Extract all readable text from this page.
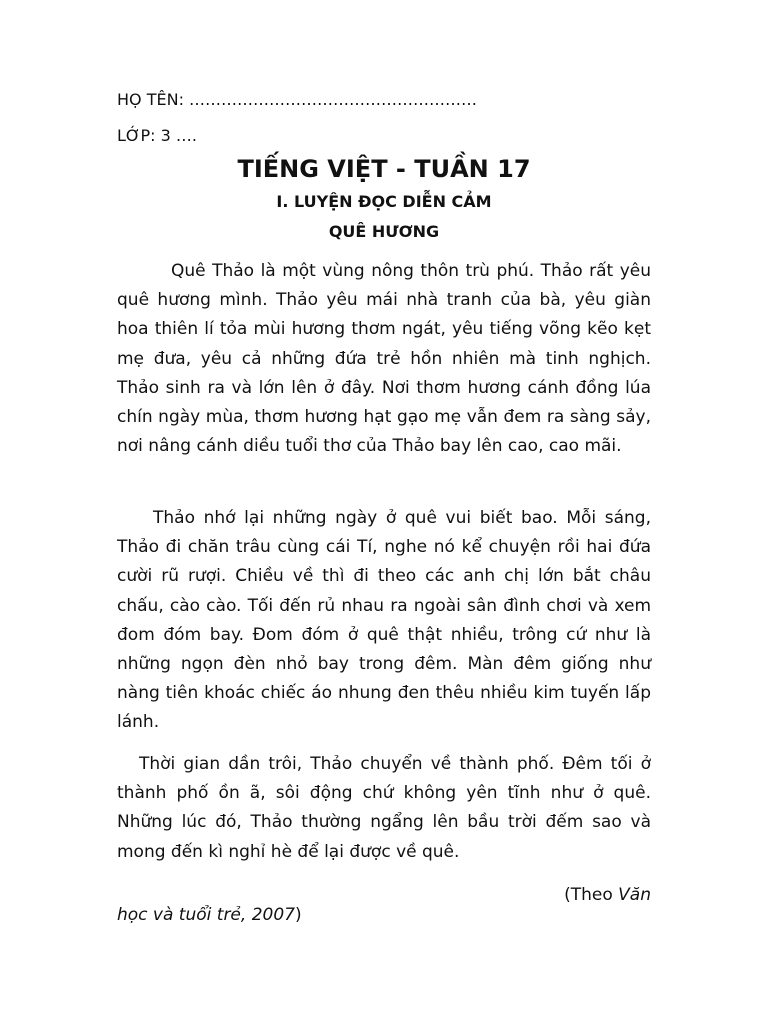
HỌ TÊN: ………………………………………………
LỚP: 3 ….
TIẾNG VIỆT - TUẦN 17
I. LUYỆN ĐỌC DIỄN CẢM
QUÊ HƯƠNG

Quê Thảo là một vùng nông thôn trù phú. Thảo rất yêu quê hương mình. Thảo yêu mái nhà tranh của bà, yêu giàn hoa thiên lí tỏa mùi hương thơm ngát, yêu tiếng võng kẽo kẹt mẹ đưa, yêu cả những đứa trẻ hồn nhiên mà tinh nghịch. Thảo sinh ra và lớn lên ở đây. Nơi thơm hương cánh đồng lúa chín ngày mùa, thơm hương hạt gạo mẹ vẫn đem ra sàng sảy, nơi nâng cánh diều tuổi thơ của Thảo bay lên cao, cao mãi.

Thảo nhớ lại những ngày ở quê vui biết bao. Mỗi sáng, Thảo đi chăn trâu cùng cái Tí, nghe nó kể chuyện rồi hai đứa cười rũ rượi. Chiều về thì đi theo các anh chị lớn bắt châu chấu, cào cào. Tối đến rủ nhau ra ngoài sân đình chơi và xem đom đóm bay. Đom đóm ở quê thật nhiều, trông cứ như là những ngọn đèn nhỏ bay trong đêm. Màn đêm giống như nàng tiên khoác chiếc áo nhung đen thêu nhiều kim tuyến lấp lánh.

Thời gian dần trôi, Thảo chuyển về thành phố. Đêm tối ở thành phố ồn ã, sôi động chứ không yên tĩnh như ở quê. Những lúc đó, Thảo thường ngẩng lên bầu trời đếm sao và mong đến kì nghỉ hè để lại được về quê.

(Theo Văn
học và tuổi trẻ, 2007)
